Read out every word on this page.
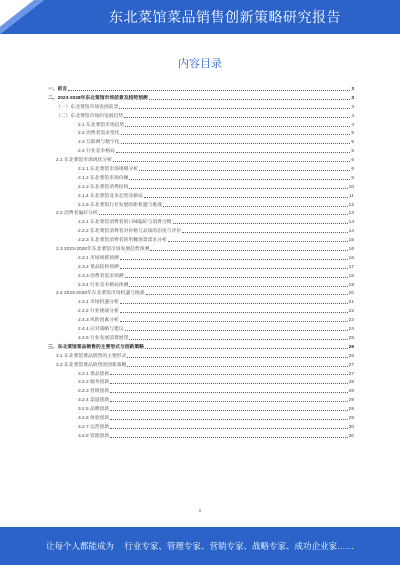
东北菜馆菜品销售创新策略研究报告
内容目录
一、前言	3
二、2023-2028年东北菜馆市场前景及趋势预测	3
（一）东北菜馆市场发展前景	3
（二）东北菜馆市场的发展趋势	4
2.1 东北菜馆市场趋势	4
2.2 消费者需求变化	5
2.3 互联网与数字化	5
2.4 行业竞争格局	5
2.1 东北菜馆市场现状分析	6
2.1.1 东北菜馆市场规模分析	6
2.1.2 东北菜馆市场份额	8
2.1.3 东北菜馆消费结构	10
2.1.4 东北菜馆竞争态势及格局	11
2.1.5 东北菜馆行业发展的新机遇与挑战	12
2.2 消费者偏好分析	13
2.2.1 东北菜馆消费者的口味偏好与消费习惯	14
2.2.2 东北菜馆消费者对价格与品质的态度与评价	14
2.2.3 东北菜馆消费者的用餐场景需求分析	15
2.3 2023-2028年东北菜馆市场发展趋势预测	16
2.3.1 市场规模预测	16
2.3.2 菜品结构预测	17
2.3.3 消费者需求预测	18
2.3.4 行业竞争格局预测	19
2.4 2023-2028年东北菜馆市场机遇与挑战	20
2.4.1 市场机遇分析	21
2.4.2 行业挑战分析	22
2.4.3 风险因素分析	23
2.4.4 应对策略与建议	24
2.4.5 行业发展前景展望	25
三、东北菜馆菜品销售的主要形式与创新策略	26
3.1 东北菜馆菜品销售的主要形式	26
3.2 东北菜馆菜品销售的创新策略	27
3.2.1 菜品创新	27
3.2.2 服务创新	28
3.2.3 营销创新	28
3.2.4 渠道创新	29
3.2.5 品牌创新	29
3.2.6 体验创新	29
3.2.7 运营创新	30
3.2.8 管理创新	30
2
让每个人都能成为 行业专家、管理专家、营销专家、战略专家、成功企业家……
